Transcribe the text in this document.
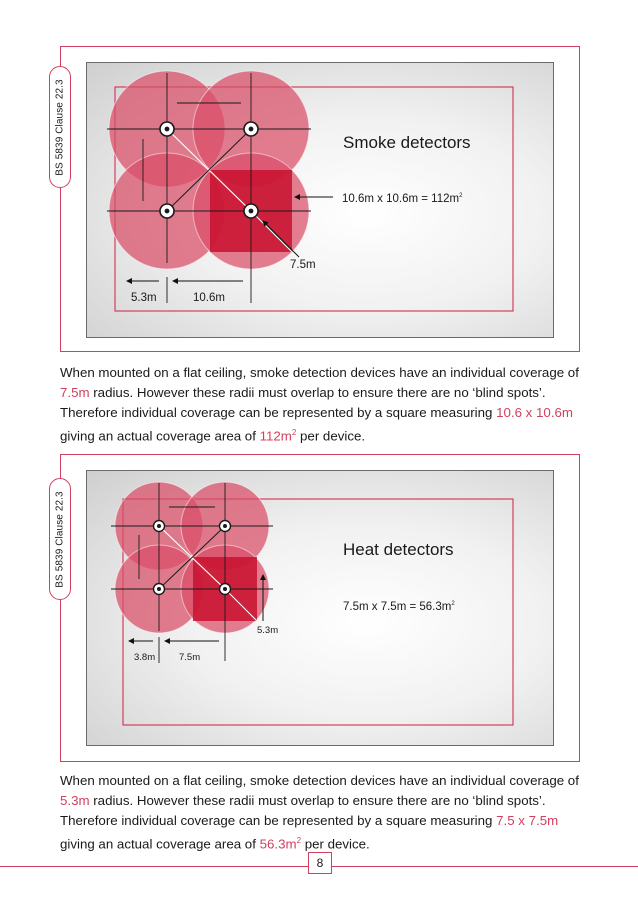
BS 5839 Clause 22.3	Smoke detectors
10.6m x $10.6m = 112m^2$
7.5m
5.3m	10.6m

When mounted on a flat ceiling, smoke detection devices have an individual coverage of 7.5m radius. However these radii must overlap to ensure there are no ‘blind spots’. Therefore individual coverage can be represented by a square measuring 10.6 x 10.6m giving an actual coverage area of $112m^2$ per device.

BS 5839 Clause 22.3	Heat detectors
7.5m x $7.5m = 56.3m^2$
5.3m
3.8m	7.5m

When mounted on a flat ceiling, smoke detection devices have an individual coverage of 5.3m radius. However these radii must overlap to ensure there are no ‘blind spots’. Therefore individual coverage can be represented by a square measuring 7.5 x 7.5m giving an actual coverage area of $56.3m^2$ per device.

8
